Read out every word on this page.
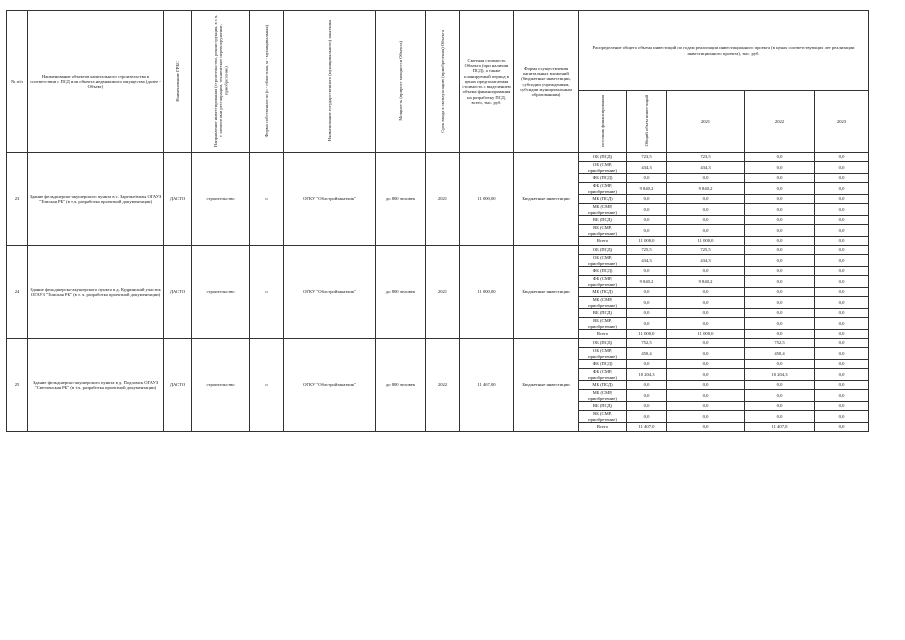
№ п/п	Наименование объектов капитального строительства в соответствии с ПСД или объекта недвижимого имущества (далее - Объект)	Наименование ГРБС	Направление инвестирования (строительство, реконструкция, в т.ч. с элементами реставрации, техническое перевооружение, приобретение)	Форма собственности (о - областная, м - муниципальная)	Наименование государственного (муниципального) заказчика	Мощность (прирост мощности Объекта)	Срок ввода в эксплуатацию (приобретения) Объекта	Сметная стоимость Объекта (при наличии ПСД), а также планируемый период в ценах предполагаемая стоимость с выделением объема финансирования на разработку ПСД, всего, тыс. руб.	Форма осуществления капитальных вложений (бюджетные инвестиции, субсидии учреждениям, субсидии муниципальным образованиям)	Распределение общего объема инвестиций по годам реализации инвестиционного проекта (в ценах соответствующих лет реализации инвестиционного проекта), тыс. руб.				
										источник финансирования	Общий объем инвестиций	2021	2022	2023
23	Здание фельдшерско-акушерского пункта в с. Заречье/вилы ОГАУЗ "Томская РБ" (в т.ч. разработка проектной документации)	ДАСТО	строительство	о	ОГКУ "Облстройзаказчик"	до 800 человек	2021	11 000,00	Бюджетные инвестиции	ОБ (ПСД)	723,5	723,5	0,0	0,0
										ОБ (СМР, приобретение)	434,3	434,3	0,0	0,0
										ФБ (ПСД)	0,0	0,0	0,0	0,0
										ФБ (СМР, приобретение)	9 840,2	9 840,2	0,0	0,0
										МБ (ПСД)	0,0	0,0	0,0	0,0
										МБ (СМР, приобретение)	0,0	0,0	0,0	0,0
										ВБ (ПСД)	0,0	0,0	0,0	0,0
										ВБ (СМР, приобретение)	0,0	0,0	0,0	0,0
										Всего	11 000,0	11 000,0	0,0	0,0
24	Здание фельдшерско-акушерского пункта в д. Кудринский участок ОГАУЗ "Томская РБ" (в т. ч. разработка проектной документации)	ДАСТО	строительство	о	ОГКУ "Облстройзаказчик"	до 800 человек	2021	11 000,00	Бюджетные инвестиции	ОБ (ПСД)	725,5	725,5	0,0	0,0
										ОБ (СМР, приобретение)	434,3	434,3	0,0	0,0
										ФБ (ПСД)	0,0	0,0	0,0	0,0
										ФБ (СМР, приобретение)	9 840,2	9 840,2	0,0	0,0
										МБ (ПСД)	0,0	0,0	0,0	0,0
										МБ (СМР, приобретение)	0,0	0,0	0,0	0,0
										ВБ (ПСД)	0,0	0,0	0,0	0,0
										ВБ (СМР, приобретение)	0,0	0,0	0,0	0,0
										Всего	11 000,0	11 000,0	0,0	0,0
25	Здание фельдшерско-акушерского пункта в д. Подломск ОГАУЗ "Светленская РБ" (в т.ч. разработка проектной документации)	ДАСТО	строительство	о	ОГКУ "Облстройзаказчик"	до 800 человек	2022	11 467,00	Бюджетные инвестиции	ОБ (ПСД)	752,5	0,0	752,5	0,0
										ОБ (СМР, приобретение)	450,4	0,0	450,4	0,0
										ФБ (ПСД)	0,0	0,0	0,0	0,0
										ФБ (СМР, приобретение)	10 204,3	0,0	10 204,3	0,0
										МБ (ПСД)	0,0	0,0	0,0	0,0
										МБ (СМР, приобретение)	0,0	0,0	0,0	0,0
										ВБ (ПСД)	0,0	0,0	0,0	0,0
										ВБ (СМР, приобретение)	0,0	0,0	0,0	0,0
										Всего	11 407,0	0,0	11 407,0	0,0
